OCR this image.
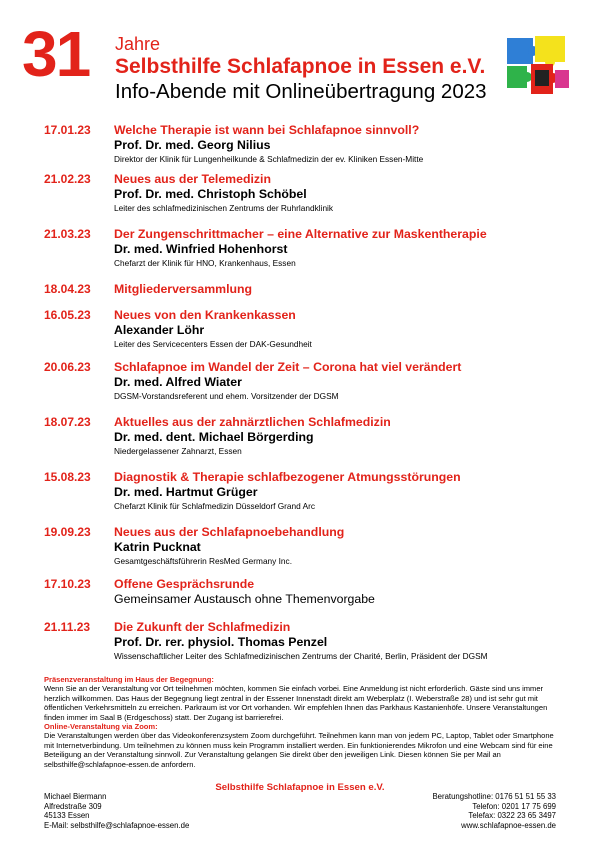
31 Jahre
Selbsthilfe Schlafapnoe in Essen e.V.
Info-Abende mit Onlineübertragung 2023
17.01.23 Welche Therapie ist wann bei Schlafapnoe sinnvoll?
Prof. Dr. med. Georg Nilius
Direktor der Klinik für Lungenheilkunde & Schlafmedizin der ev. Kliniken Essen-Mitte
21.02.23 Neues aus der Telemedizin
Prof. Dr. med. Christoph Schöbel
Leiter des schlafmedizinischen Zentrums der Ruhrlandklinik
21.03.23 Der Zungenschrittmacher – eine Alternative zur Maskentherapie
Dr. med. Winfried Hohenhorst
Chefarzt der Klinik für HNO, Krankenhaus, Essen
18.04.23 Mitgliederversammlung
16.05.23 Neues von den Krankenkassen
Alexander Löhr
Leiter des Servicecenters Essen der DAK-Gesundheit
20.06.23 Schlafapnoe im Wandel der Zeit – Corona hat viel verändert
Dr. med. Alfred Wiater
DGSM-Vorstandsreferent und ehem. Vorsitzender der DGSM
18.07.23 Aktuelles aus der zahnärztlichen Schlafmedizin
Dr. med. dent. Michael Börgerding
Niedergelassener Zahnarzt, Essen
15.08.23 Diagnostik & Therapie schlafbezogener Atmungsstörungen
Dr. med. Hartmut Grüger
Chefarzt Klinik für Schlafmedizin Düsseldorf Grand Arc
19.09.23 Neues aus der Schlafapnoebehandlung
Katrin Pucknat
Gesamtgeschäftsführerin ResMed Germany Inc.
17.10.23 Offene Gesprächsrunde
Gemeinsamer Austausch ohne Themenvorgabe
21.11.23 Die Zukunft der Schlafmedizin
Prof. Dr. rer. physiol. Thomas Penzel
Wissenschaftlicher Leiter des Schlafmedizinischen Zentrums der Charité, Berlin, Präsident der DGSM

Präsenzveranstaltung im Haus der Begegnung:

Wenn Sie an der Veranstaltung vor Ort teilnehmen möchten, kommen Sie einfach vorbei. Eine Anmeldung ist nicht erforderlich. Gäste sind uns immer herzlich willkommen. Das Haus der Begegnung liegt zentral in der Essener Innenstadt direkt am Weberplatz (I. Weberstraße 28) und ist sehr gut mit öffentlichen Verkehrsmitteln zu erreichen. Parkraum ist vor Ort vorhanden. Wir empfehlen Ihnen das Parkhaus Kastanienhöfe. Unsere Veranstaltungen finden immer im Saal B (Erdgeschoss) statt. Der Zugang ist barrierefrei.

Online-Veranstaltung via Zoom:

Die Veranstaltungen werden über das Videokonferenzsystem Zoom durchgeführt. Teilnehmen kann man von jedem PC, Laptop, Tablet oder Smartphone mit Internetverbindung. Um teilnehmen zu können muss kein Programm installiert werden. Ein funktionierendes Mikrofon und eine Webcam sind für eine Beteiligung an der Veranstaltung sinnvoll. Zur Veranstaltung gelangen Sie direkt über den jeweiligen Link. Diesen können Sie per Mail an selbsthilfe@schlafapnoe-essen.de anfordern.

Selbsthilfe Schlafapnoe in Essen e.V.
Michael Biermann
Alfredstraße 309
45133 Essen
E-Mail: selbsthilfe@schlafapnoe-essen.de
Beratungshotline: 0176 51 51 55 33
Telefon: 0201 17 75 699
Telefax: 0322 23 65 3497
www.schlafapnoe-essen.de
